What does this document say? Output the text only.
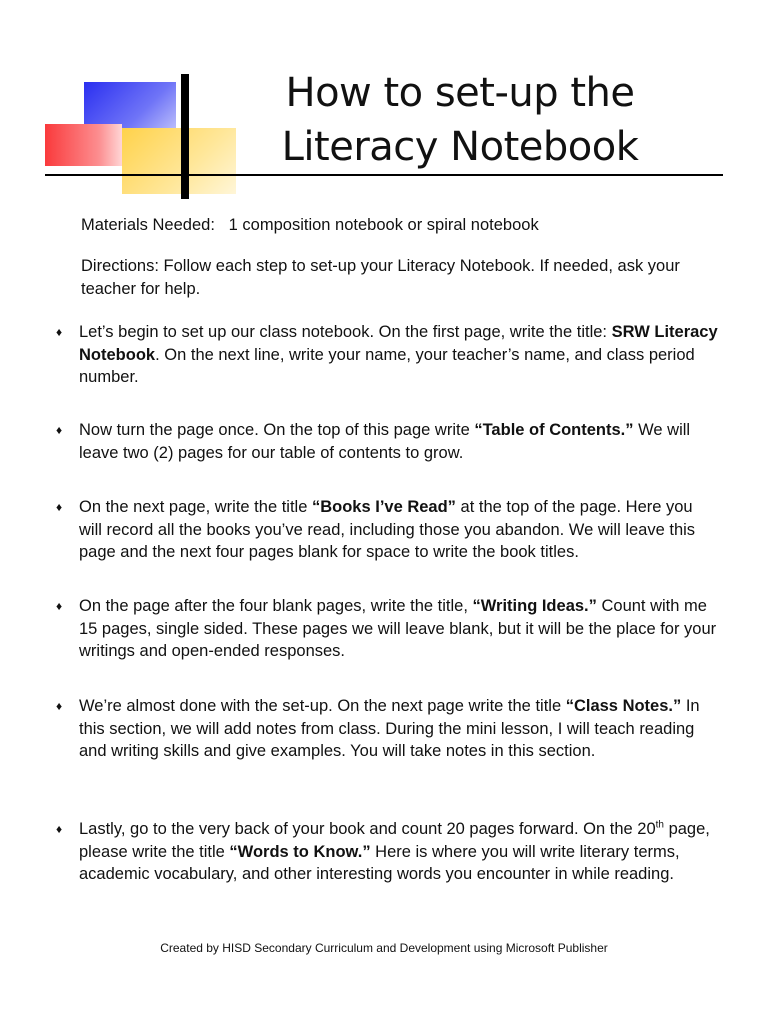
How to set-up the
Literacy Notebook
Materials Needed: 1 composition notebook or spiral notebook
Directions: Follow each step to set-up your Literacy Notebook. If needed, ask your teacher for help.
♦ Let’s begin to set up our class notebook. On the first page, write the title: SRW Literacy Notebook. On the next line, write your name, your teacher’s name, and class period number.
♦ Now turn the page once. On the top of this page write “Table of Contents.” We will leave two (2) pages for our table of contents to grow.
♦ On the next page, write the title “Books I’ve Read” at the top of the page. Here you will record all the books you’ve read, including those you abandon. We will leave this page and the next four pages blank for space to write the book titles.
♦ On the page after the four blank pages, write the title, “Writing Ideas.” Count with me 15 pages, single sided. These pages we will leave blank, but it will be the place for your writings and open-ended responses.
♦ We’re almost done with the set-up. On the next page write the title “Class Notes.” In this section, we will add notes from class. During the mini lesson, I will teach reading and writing skills and give examples. You will take notes in this section.
♦ Lastly, go to the very back of your book and count 20 pages forward. On the 20th page, please write the title “Words to Know.” Here is where you will write literary terms, academic vocabulary, and other interesting words you encounter in while reading.
Created by HISD Secondary Curriculum and Development using Microsoft Publisher
